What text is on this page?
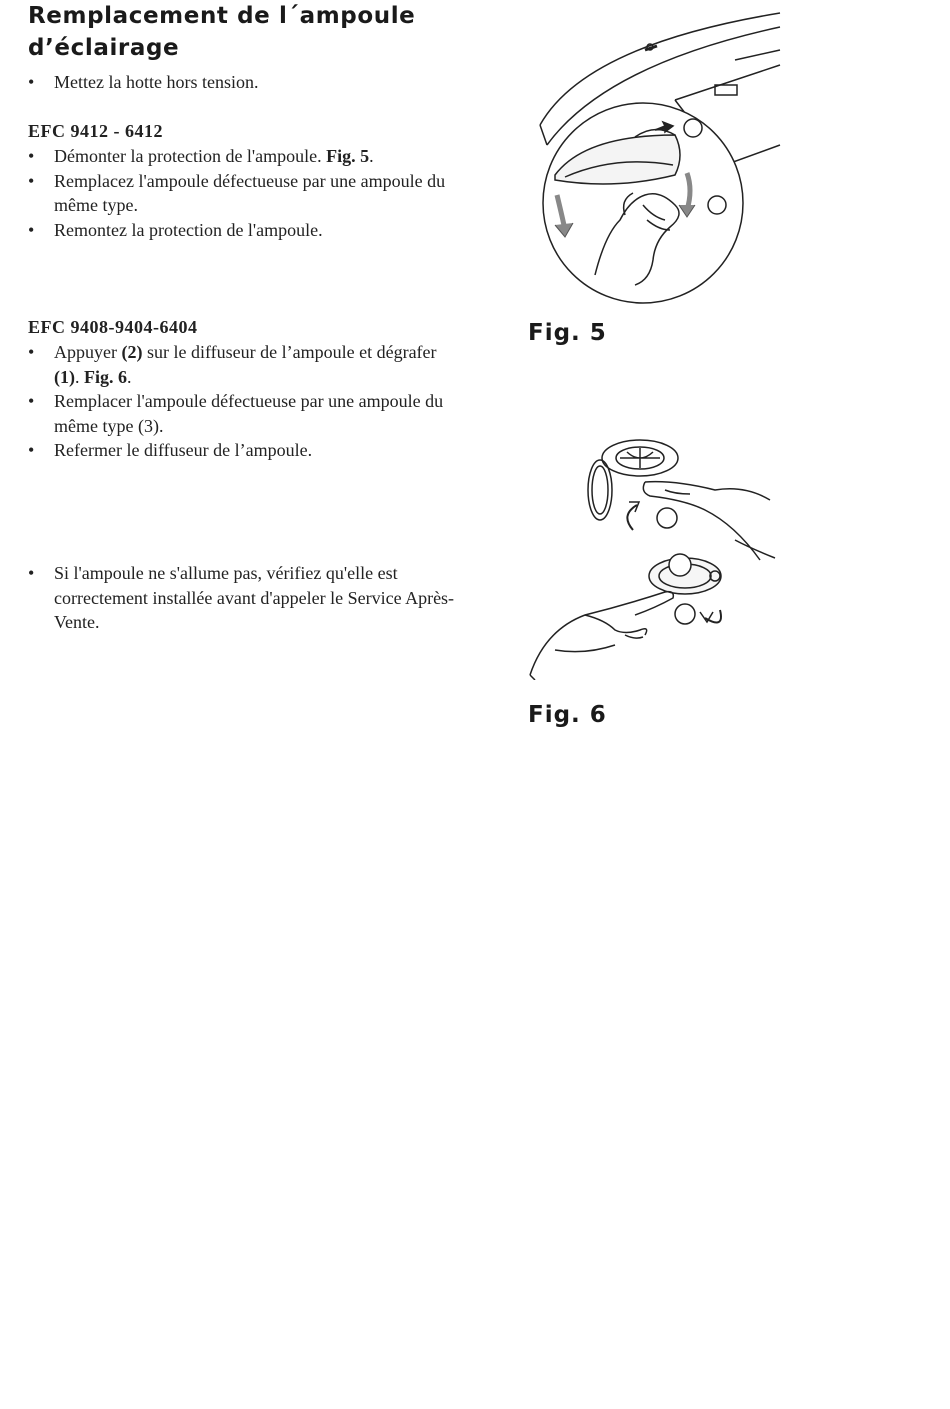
Remplacement de l´ampoule
d’éclairage
• Mettez la hotte hors tension.

EFC 9412 - 6412

• Démonter la protection de l'ampoule. Fig. 5.
• Remplacez l'ampoule défectueuse par une ampoule du même type.
• Remontez la protection de l'ampoule.

EFC 9408-9404-6404

• Appuyer (2) sur le diffuseur de l’ampoule et dégrafer (1). Fig. 6.
• Remplacer l'ampoule défectueuse par une ampoule du même type (3).
• Refermer le diffuseur de l’ampoule.
• Si l'ampoule ne s'allume pas, vérifiez qu'elle est correctement installée avant d'appeler le Service Après-Vente.
Fig. 5
Fig. 6
